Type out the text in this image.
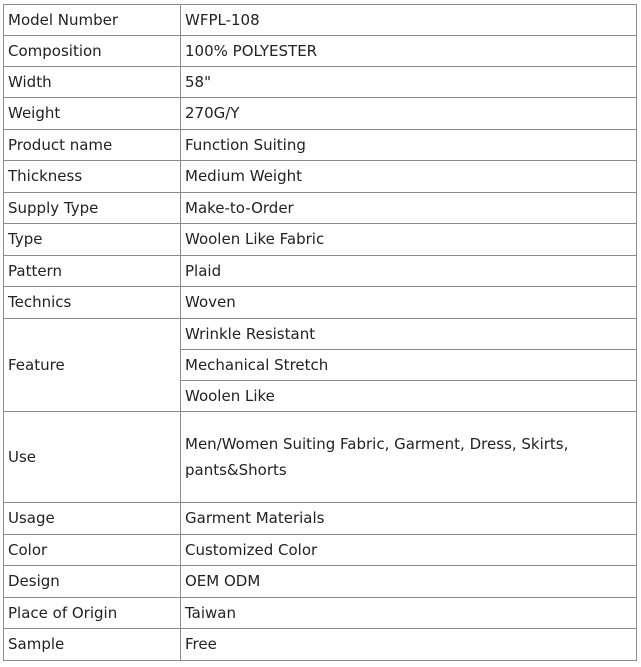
Model Number	WFPL-108
Composition	100% POLYESTER
Width	58"
Weight	270G/Y
Product name	Function Suiting
Thickness	Medium Weight
Supply Type	Make-to-Order
Type	Woolen Like Fabric
Pattern	Plaid
Technics	Woven
Feature	Wrinkle Resistant
	Mechanical Stretch
	Woolen Like
Use	Men/Women Suiting Fabric, Garment, Dress, Skirts, pants&Shorts
Usage	Garment Materials
Color	Customized Color
Design	OEM ODM
Place of Origin	Taiwan
Sample	Free
